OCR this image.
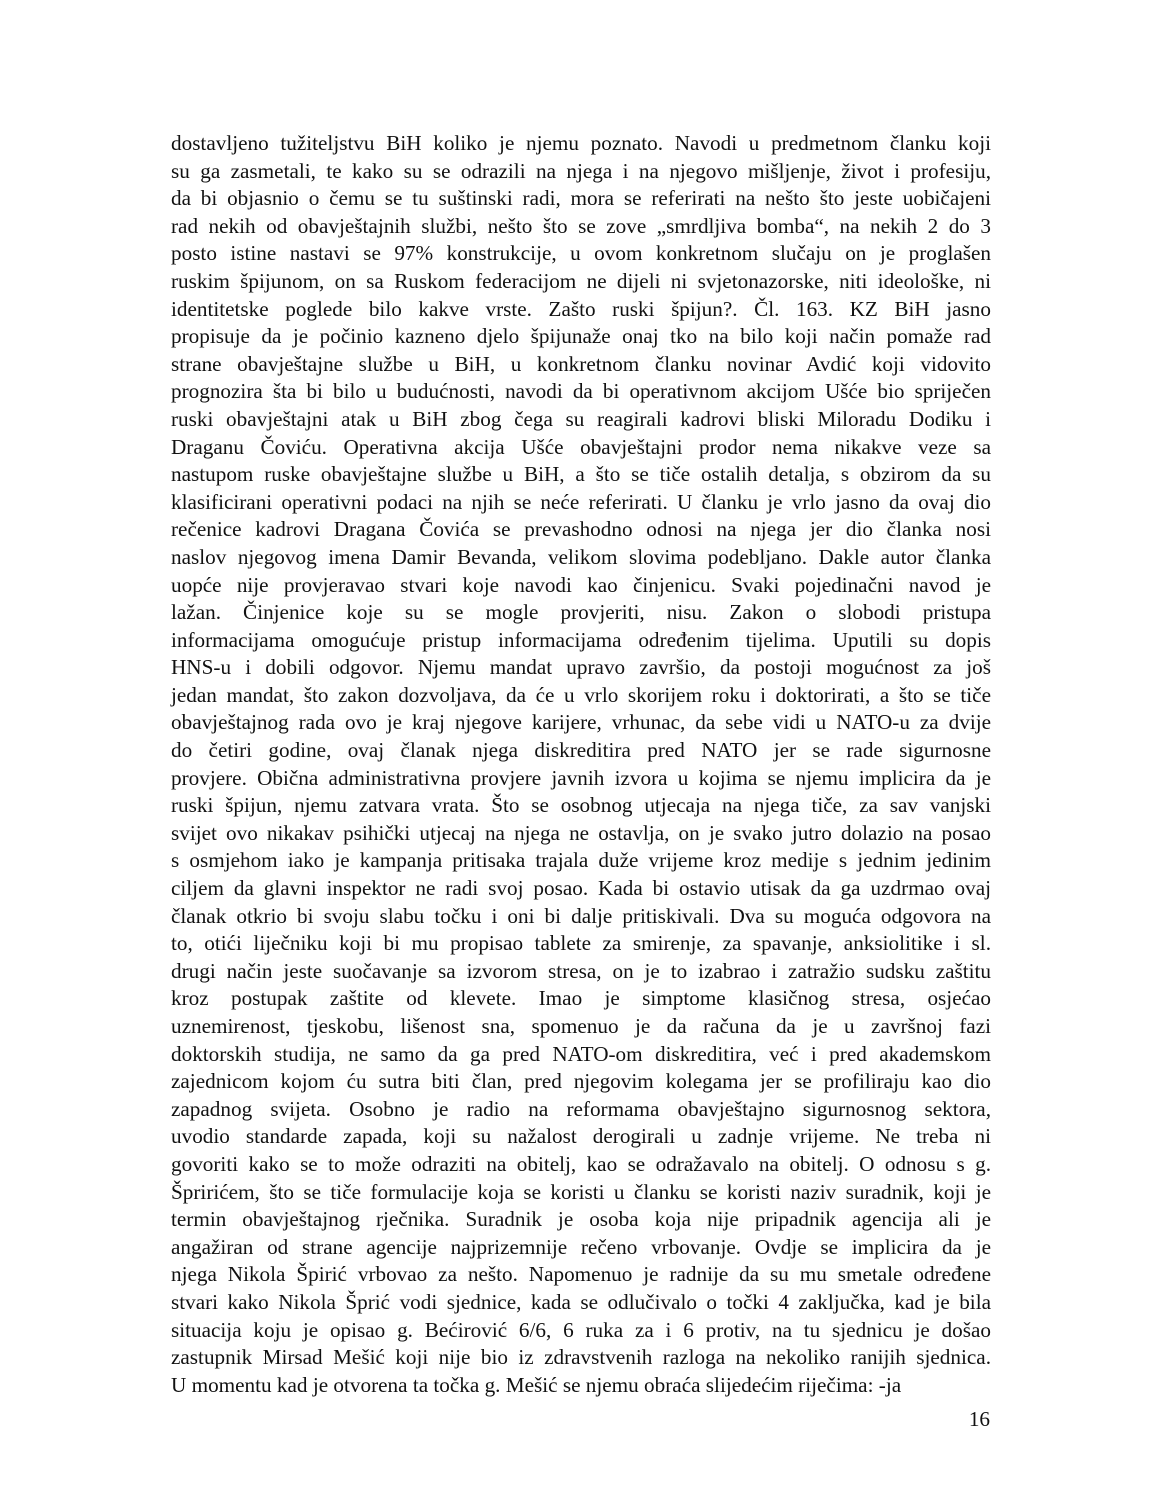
dostavljeno tužiteljstvu BiH koliko je njemu poznato. Navodi u predmetnom članku koji
su ga zasmetali, te kako su se odrazili na njega i na njegovo mišljenje, život i profesiju,
da bi objasnio o čemu se tu suštinski radi, mora se referirati na nešto što jeste uobičajeni
rad nekih od obavještajnih službi, nešto što se zove „smrdljiva bomba“, na nekih 2 do 3
posto istine nastavi se 97% konstrukcije, u ovom konkretnom slučaju on je proglašen
ruskim špijunom, on sa Ruskom federacijom ne dijeli ni svjetonazorske, niti ideološke, ni
identitetske poglede bilo kakve vrste. Zašto ruski špijun?. Čl. 163. KZ BiH jasno
propisuje da je počinio kazneno djelo špijunaže onaj tko na bilo koji način pomaže rad
strane obavještajne službe u BiH, u konkretnom članku novinar Avdić koji vidovito
prognozira šta bi bilo u budućnosti, navodi da bi operativnom akcijom Ušće bio spriječen
ruski obavještajni atak u BiH zbog čega su reagirali kadrovi bliski Miloradu Dodiku i
Draganu Čoviću. Operativna akcija Ušće obavještajni prodor nema nikakve veze sa
nastupom ruske obavještajne službe u BiH, a što se tiče ostalih detalja, s obzirom da su
klasificirani operativni podaci na njih se neće referirati. U članku je vrlo jasno da ovaj dio
rečenice kadrovi Dragana Čovića se prevashodno odnosi na njega jer dio članka nosi
naslov njegovog imena Damir Bevanda, velikom slovima podebljano. Dakle autor članka
uopće nije provjeravao stvari koje navodi kao činjenicu. Svaki pojedinačni navod je
lažan. Činjenice koje su se mogle provjeriti, nisu. Zakon o slobodi pristupa
informacijama omogućuje pristup informacijama određenim tijelima. Uputili su dopis
HNS-u i dobili odgovor. Njemu mandat upravo završio, da postoji mogućnost za još
jedan mandat, što zakon dozvoljava, da će u vrlo skorijem roku i doktorirati, a što se tiče
obavještajnog rada ovo je kraj njegove karijere, vrhunac, da sebe vidi u NATO-u za dvije
do četiri godine, ovaj članak njega diskreditira pred NATO jer se rade sigurnosne
provjere. Obična administrativna provjere javnih izvora u kojima se njemu implicira da je
ruski špijun, njemu zatvara vrata. Što se osobnog utjecaja na njega tiče, za sav vanjski
svijet ovo nikakav psihički utjecaj na njega ne ostavlja, on je svako jutro dolazio na posao
s osmjehom iako je kampanja pritisaka trajala duže vrijeme kroz medije s jednim jedinim
ciljem da glavni inspektor ne radi svoj posao. Kada bi ostavio utisak da ga uzdrmao ovaj
članak otkrio bi svoju slabu točku i oni bi dalje pritiskivali. Dva su moguća odgovora na
to, otići liječniku koji bi mu propisao tablete za smirenje, za spavanje, anksiolitike i sl.
drugi način jeste suočavanje sa izvorom stresa, on je to izabrao i zatražio sudsku zaštitu
kroz postupak zaštite od klevete. Imao je simptome klasičnog stresa, osjećao
uznemirenost, tjeskobu, lišenost sna, spomenuo je da računa da je u završnoj fazi
doktorskih studija, ne samo da ga pred NATO-om diskreditira, već i pred akademskom
zajednicom kojom ću sutra biti član, pred njegovim kolegama jer se profiliraju kao dio
zapadnog svijeta. Osobno je radio na reformama obavještajno sigurnosnog sektora,
uvodio standarde zapada, koji su nažalost derogirali u zadnje vrijeme. Ne treba ni
govoriti kako se to može odraziti na obitelj, kao se odražavalo na obitelj. O odnosu s g.
Špririćem, što se tiče formulacije koja se koristi u članku se koristi naziv suradnik, koji je
termin obavještajnog rječnika. Suradnik je osoba koja nije pripadnik agencija ali je
angažiran od strane agencije najprizemnije rečeno vrbovanje. Ovdje se implicira da je
njega Nikola Špirić vrbovao za nešto. Napomenuo je radnije da su mu smetale određene
stvari kako Nikola Šprić vodi sjednice, kada se odlučivalo o točki 4 zaključka, kad je bila
situacija koju je opisao g. Bećirović 6/6, 6 ruka za i 6 protiv, na tu sjednicu je došao
zastupnik Mirsad Mešić koji nije bio iz zdravstvenih razloga na nekoliko ranijih sjednica.
U momentu kad je otvorena ta točka g. Mešić se njemu obraća slijedećim riječima: -ja
16
